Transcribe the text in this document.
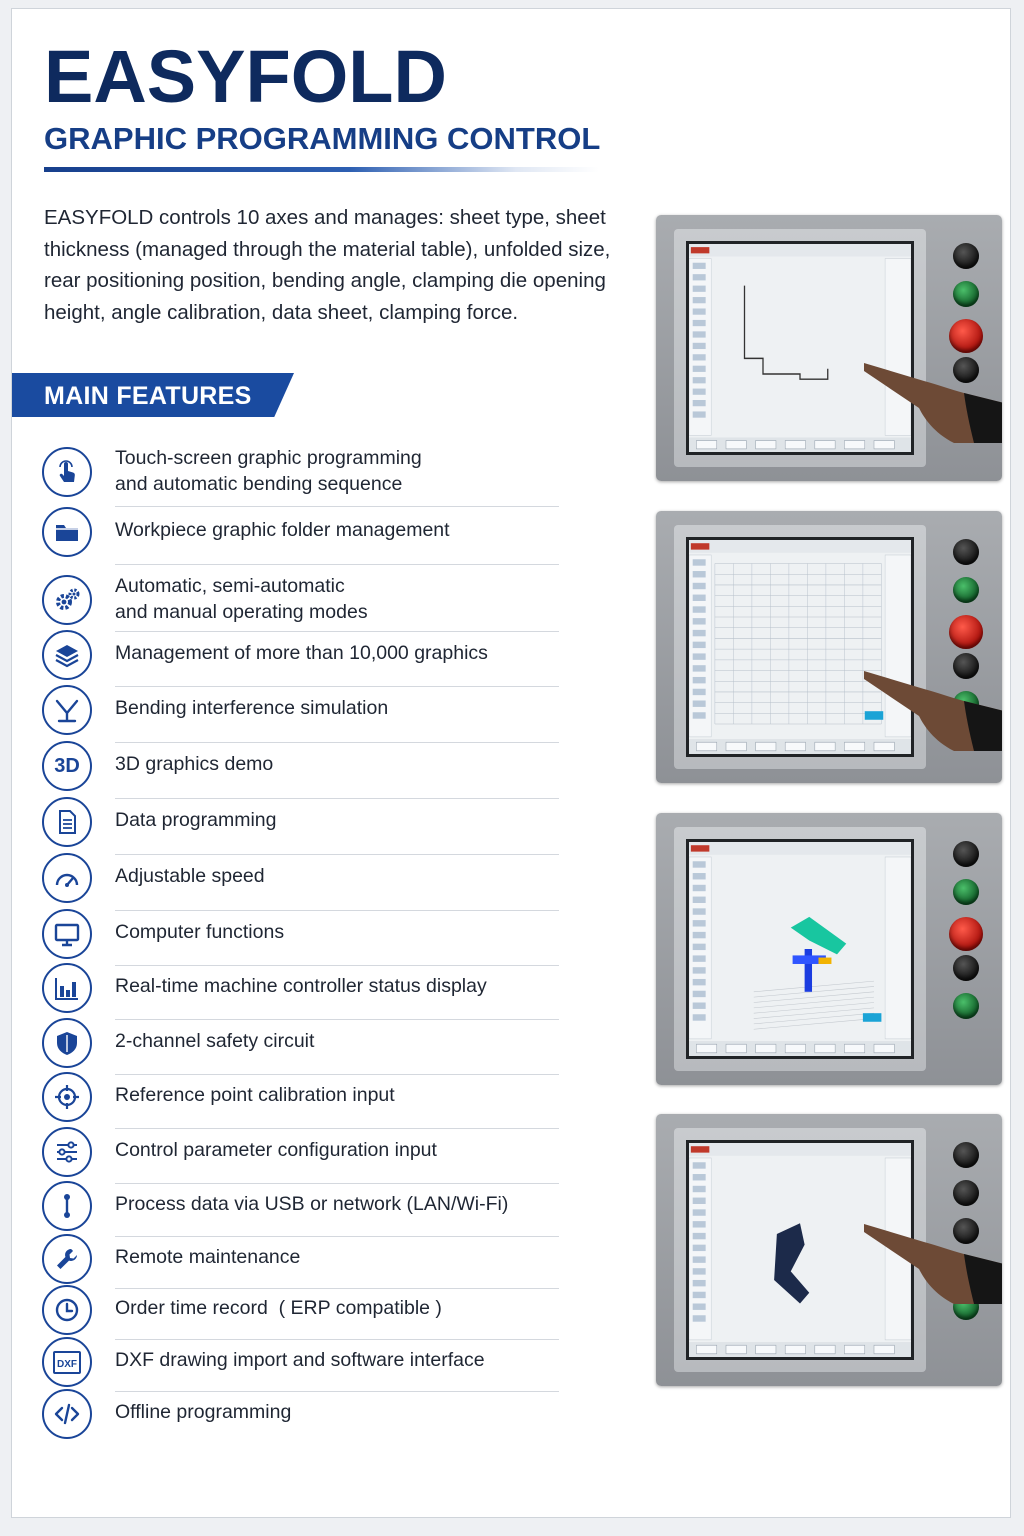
EASYFOLD
GRAPHIC PROGRAMMING CONTROL

EASYFOLD controls 10 axes and manages: sheet type, sheet thickness (managed through the material table), unfolded size, rear positioning position, bending angle, clamping die opening height, angle calibration, data sheet, clamping force.

MAIN FEATURES
Touch-screen graphic programming
and automatic bending sequence
Workpiece graphic folder management
Automatic, semi-automatic
and manual operating modes
Management of more than 10,000 graphics
Bending interference simulation
3D 3D graphics demo
Data programming
Adjustable speed
Computer functions
Real-time machine controller status display
2-channel safety circuit
Reference point calibration input
Control parameter configuration input
Process data via USB or network (LAN/Wi-Fi)
Remote maintenance
Order time record  ( ERP compatible )
DXF DXF drawing import and software interface
Offline programming
